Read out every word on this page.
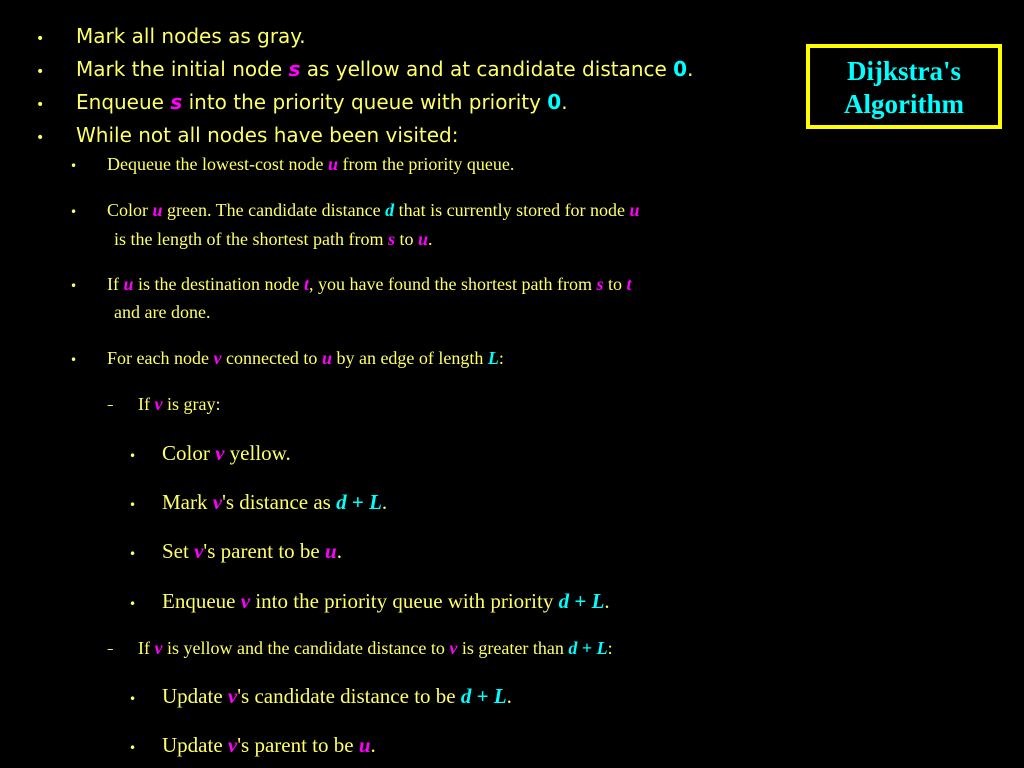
Dijkstra's
Algorithm
• Mark all nodes as gray.
• Mark the initial node s as yellow and at candidate distance 0.
• Enqueue s into the priority queue with priority 0.
• While not all nodes have been visited:
• Dequeue the lowest-cost node u from the priority queue.
• Color u green. The candidate distance d that is currently stored for node u
is the length of the shortest path from s to u.
• If u is the destination node t, you have found the shortest path from s to t
and are done.
• For each node v connected to u by an edge of length L:
– If v is gray:
• Color v yellow.
• Mark v's distance as d + L.
• Set v's parent to be u.
• Enqueue v into the priority queue with priority d + L.
– If v is yellow and the candidate distance to v is greater than d + L:
• Update v's candidate distance to be d + L.
• Update v's parent to be u.
